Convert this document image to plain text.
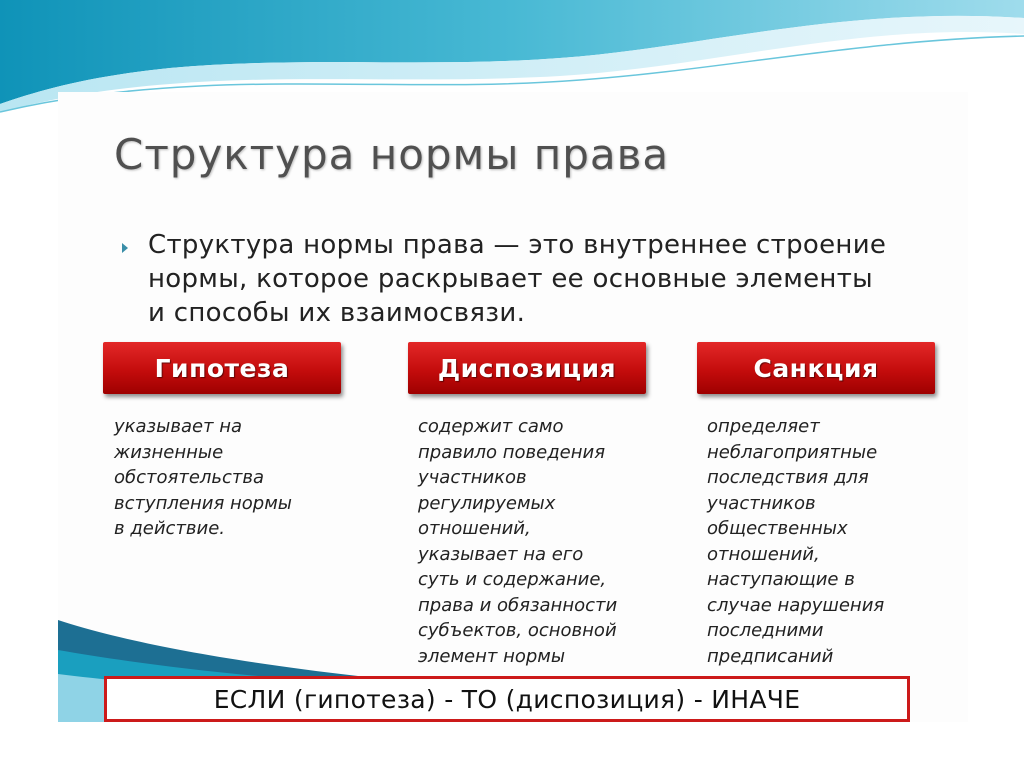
Структура нормы права

Структура нормы права — это внутреннее строение нормы, которое раскрывает ее основные элементы и способы их взаимосвязи.

Гипотеза	Диспозиция	Санкция

указывает на
жизненные
обстоятельства
вступления нормы
в действие.

содержит само
правило поведения
участников
регулируемых
отношений,
указывает на его
суть и содержание,
права и обязанности
субъектов, основной
элемент нормы

определяет
неблагоприятные
последствия для
участников
общественных
отношений,
наступающие в
случае нарушения
последними
предписаний

ЕСЛИ (гипотеза) - ТО (диспозиция) - ИНАЧЕ
